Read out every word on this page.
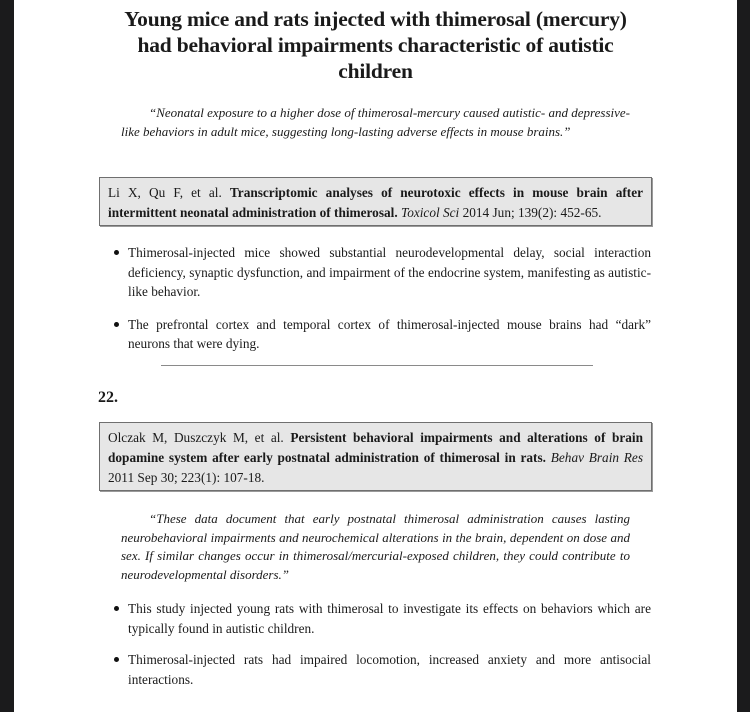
Young mice and rats injected with thimerosal (mercury)
had behavioral impairments characteristic of autistic
children

“Neonatal exposure to a higher dose of thimerosal-mercury caused autistic- and depressive-like behaviors in adult mice, suggesting long-lasting adverse effects in mouse brains.”

Li X, Qu F, et al. Transcriptomic analyses of neurotoxic effects in mouse brain after intermittent neonatal administration of thimerosal. Toxicol Sci 2014 Jun; 139(2): 452-65.
Thimerosal-injected mice showed substantial neurodevelopmental delay, social interaction deficiency, synaptic dysfunction, and impairment of the endocrine system, manifesting as autistic-like behavior.
The prefrontal cortex and temporal cortex of thimerosal-injected mouse brains had “dark” neurons that were dying.
22.
Olczak M, Duszczyk M, et al. Persistent behavioral impairments and alterations of brain dopamine system after early postnatal administration of thimerosal in rats. Behav Brain Res 2011 Sep 30; 223(1): 107-18.

“These data document that early postnatal thimerosal administration causes lasting neurobehavioral impairments and neurochemical alterations in the brain, dependent on dose and sex. If similar changes occur in thimerosal/mercurial-exposed children, they could contribute to neurodevelopmental disorders.”

This study injected young rats with thimerosal to investigate its effects on behaviors which are typically found in autistic children.
Thimerosal-injected rats had impaired locomotion, increased anxiety and more antisocial interactions.
